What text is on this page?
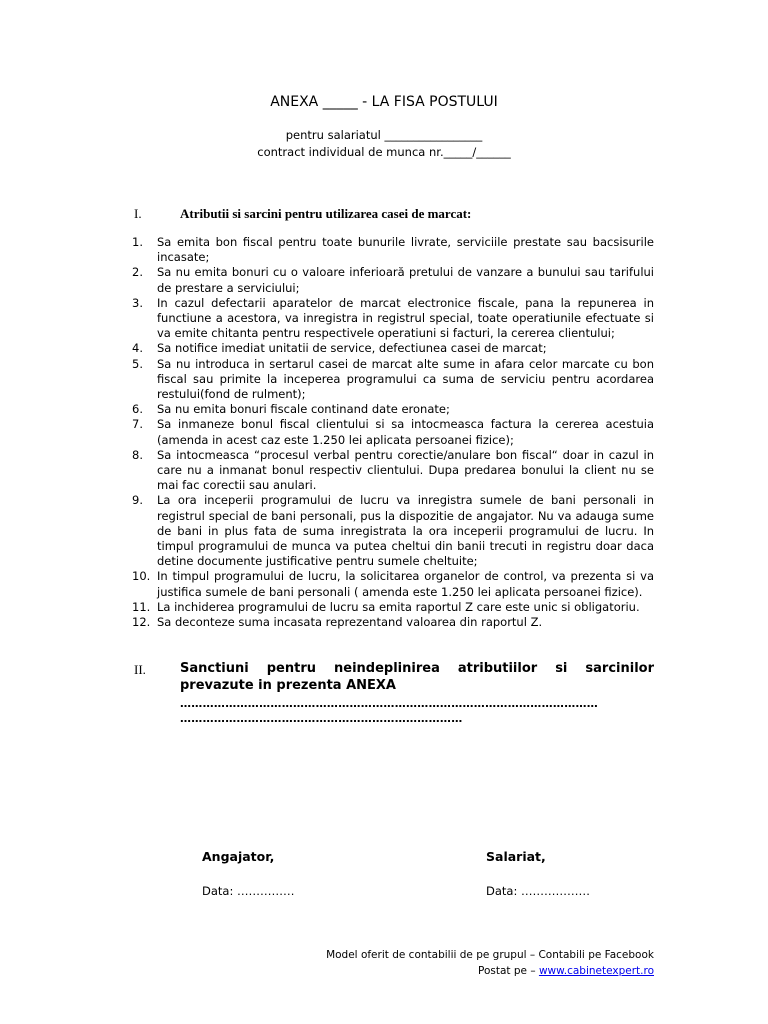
ANEXA _____ - LA FISA POSTULUI
pentru salariatul _________________
contract individual de munca nr._____/______
I.	Atributii si sarcini pentru utilizarea casei de marcat:
1. Sa emita bon fiscal pentru toate bunurile livrate, serviciile prestate sau bacsisurile incasate;
2. Sa nu emita bonuri cu o valoare inferioară pretului de vanzare a bunului sau tarifului de prestare a serviciului;
3. In cazul defectarii aparatelor de marcat electronice fiscale, pana la repunerea in functiune a acestora, va inregistra in registrul special, toate operatiunile efectuate si va emite chitanta pentru respectivele operatiuni si facturi, la cererea clientului;
4. Sa notifice imediat unitatii de service, defectiunea casei de marcat;
5. Sa nu introduca in sertarul casei de marcat alte sume in afara celor marcate cu bon fiscal sau primite la inceperea programului ca suma de serviciu pentru acordarea restului(fond de rulment);
6. Sa nu emita bonuri fiscale continand date eronate;
7. Sa inmaneze bonul fiscal clientului si sa intocmeasca factura la cererea acestuia (amenda in acest caz este 1.250 lei aplicata persoanei fizice);
8. Sa intocmeasca “procesul verbal pentru corectie/anulare bon fiscal“ doar in cazul in care nu a inmanat bonul respectiv clientului. Dupa predarea bonului la client nu se mai fac corectii sau anulari.
9. La ora inceperii programului de lucru va inregistra sumele de bani personali in registrul special de bani personali, pus la dispozitie de angajator. Nu va adauga sume de bani in plus fata de suma inregistrata la ora inceperii programului de lucru. In timpul programului de munca va putea cheltui din banii trecuti in registru doar daca detine documente justificative pentru sumele cheltuite;
10. In timpul programului de lucru, la solicitarea organelor de control, va prezenta si va justifica sumele de bani personali ( amenda este 1.250 lei aplicata persoanei fizice).
11. La inchiderea programului de lucru sa emita raportul Z care este unic si obligatoriu.
12. Sa deconteze suma incasata reprezentand valoarea din raportul Z.
II.	Sanctiuni pentru neindeplinirea atributiilor si sarcinilor prevazute in prezenta ANEXA
…………………………………………………………………………………………………
…………………………………………………………………
Angajator,	Salariat,
Data: ……………	Data: ………………
Model oferit de contabilii de pe grupul – Contabili pe Facebook
Postat pe – www.cabinetexpert.ro
